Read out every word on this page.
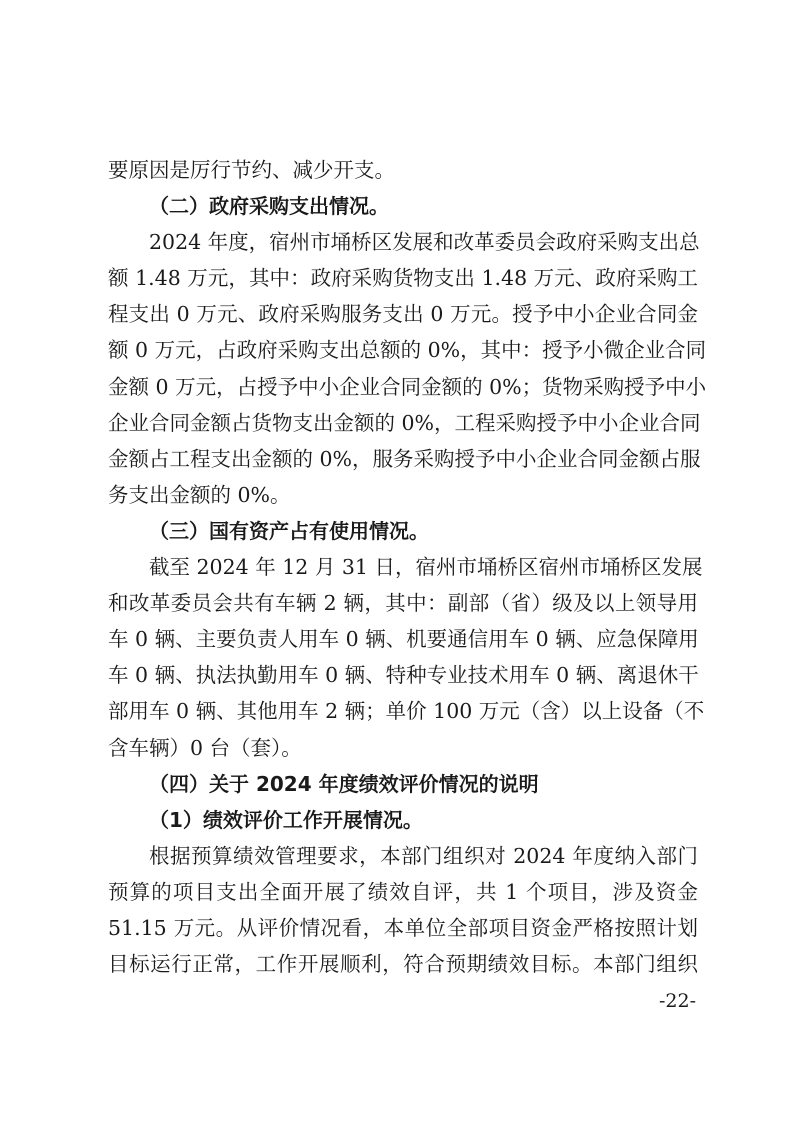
要原因是厉行节约、减少开支。
（二）政府采购支出情况。
2024 年度，宿州市埇桥区发展和改革委员会政府采购支出总
额 1.48 万元，其中：政府采购货物支出 1.48 万元、政府采购工
程支出 0 万元、政府采购服务支出 0 万元。授予中小企业合同金
额 0 万元，占政府采购支出总额的 0%，其中：授予小微企业合同
金额 0 万元，占授予中小企业合同金额的 0%；货物采购授予中小
企业合同金额占货物支出金额的 0%，工程采购授予中小企业合同
金额占工程支出金额的 0%，服务采购授予中小企业合同金额占服
务支出金额的 0%。
（三）国有资产占有使用情况。
截至 2024 年 12 月 31 日，宿州市埇桥区宿州市埇桥区发展
和改革委员会共有车辆 2 辆，其中：副部（省）级及以上领导用
车 0 辆、主要负责人用车 0 辆、机要通信用车 0 辆、应急保障用
车 0 辆、执法执勤用车 0 辆、特种专业技术用车 0 辆、离退休干
部用车 0 辆、其他用车 2 辆；单价 100 万元（含）以上设备（不
含车辆）0 台（套）。
（四）关于 2024 年度绩效评价情况的说明
（1）绩效评价工作开展情况。
根据预算绩效管理要求，本部门组织对 2024 年度纳入部门
预算的项目支出全面开展了绩效自评，共 1 个项目，涉及资金
51.15 万元。从评价情况看，本单位全部项目资金严格按照计划
目标运行正常，工作开展顺利，符合预期绩效目标。本部门组织
-22-
